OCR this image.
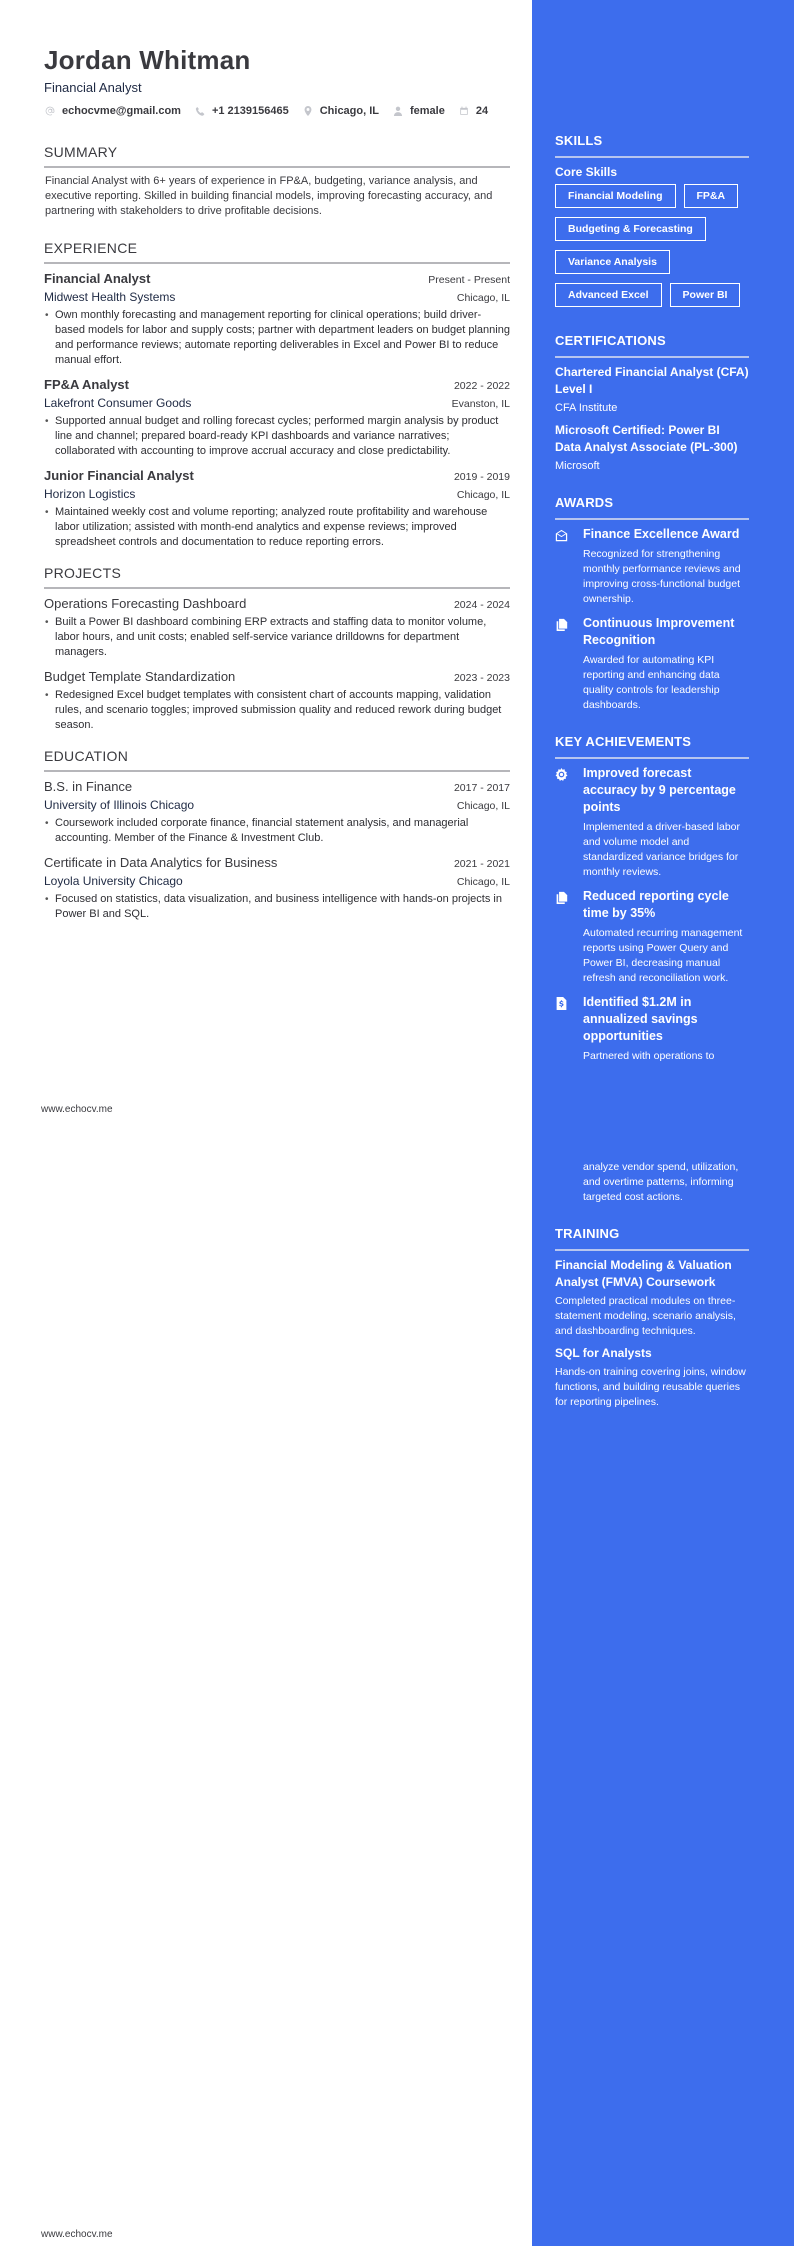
Jordan Whitman
Financial Analyst
echocvme@gmail.com	+1 2139156465	Chicago, IL	female	24
SUMMARY
Financial Analyst with 6+ years of experience in FP&A, budgeting, variance analysis, and executive reporting. Skilled in building financial models, improving forecasting accuracy, and partnering with stakeholders to drive profitable decisions.
EXPERIENCE
Financial Analyst	Present - Present
Midwest Health Systems	Chicago, IL
• Own monthly forecasting and management reporting for clinical operations; build driver-based models for labor and supply costs; partner with department leaders on budget planning and performance reviews; automate reporting deliverables in Excel and Power BI to reduce manual effort.
FP&A Analyst	2022 - 2022
Lakefront Consumer Goods	Evanston, IL
• Supported annual budget and rolling forecast cycles; performed margin analysis by product line and channel; prepared board-ready KPI dashboards and variance narratives; collaborated with accounting to improve accrual accuracy and close predictability.
Junior Financial Analyst	2019 - 2019
Horizon Logistics	Chicago, IL
• Maintained weekly cost and volume reporting; analyzed route profitability and warehouse labor utilization; assisted with month-end analytics and expense reviews; improved spreadsheet controls and documentation to reduce reporting errors.
PROJECTS
Operations Forecasting Dashboard	2024 - 2024
• Built a Power BI dashboard combining ERP extracts and staffing data to monitor volume, labor hours, and unit costs; enabled self-service variance drilldowns for department managers.
Budget Template Standardization	2023 - 2023
• Redesigned Excel budget templates with consistent chart of accounts mapping, validation rules, and scenario toggles; improved submission quality and reduced rework during budget season.
EDUCATION
B.S. in Finance	2017 - 2017
University of Illinois Chicago	Chicago, IL
• Coursework included corporate finance, financial statement analysis, and managerial accounting. Member of the Finance & Investment Club.
Certificate in Data Analytics for Business	2021 - 2021
Loyola University Chicago	Chicago, IL
• Focused on statistics, data visualization, and business intelligence with hands-on projects in Power BI and SQL.
www.echocv.me
www.echocv.me
SKILLS
Core Skills
Financial Modeling	FP&A
Budgeting & Forecasting
Variance Analysis
Advanced Excel	Power BI
CERTIFICATIONS
Chartered Financial Analyst (CFA) Level I
CFA Institute
Microsoft Certified: Power BI Data Analyst Associate (PL-300)
Microsoft
AWARDS
Finance Excellence Award
Recognized for strengthening monthly performance reviews and improving cross-functional budget ownership.
Continuous Improvement Recognition
Awarded for automating KPI reporting and enhancing data quality controls for leadership dashboards.
KEY ACHIEVEMENTS
Improved forecast accuracy by 9 percentage points
Implemented a driver-based labor and volume model and standardized variance bridges for monthly reviews.
Reduced reporting cycle time by 35%
Automated recurring management reports using Power Query and Power BI, decreasing manual refresh and reconciliation work.
Identified $1.2M in annualized savings opportunities
Partnered with operations to
analyze vendor spend, utilization, and overtime patterns, informing targeted cost actions.
TRAINING
Financial Modeling & Valuation Analyst (FMVA) Coursework
Completed practical modules on three-statement modeling, scenario analysis, and dashboarding techniques.
SQL for Analysts
Hands-on training covering joins, window functions, and building reusable queries for reporting pipelines.
